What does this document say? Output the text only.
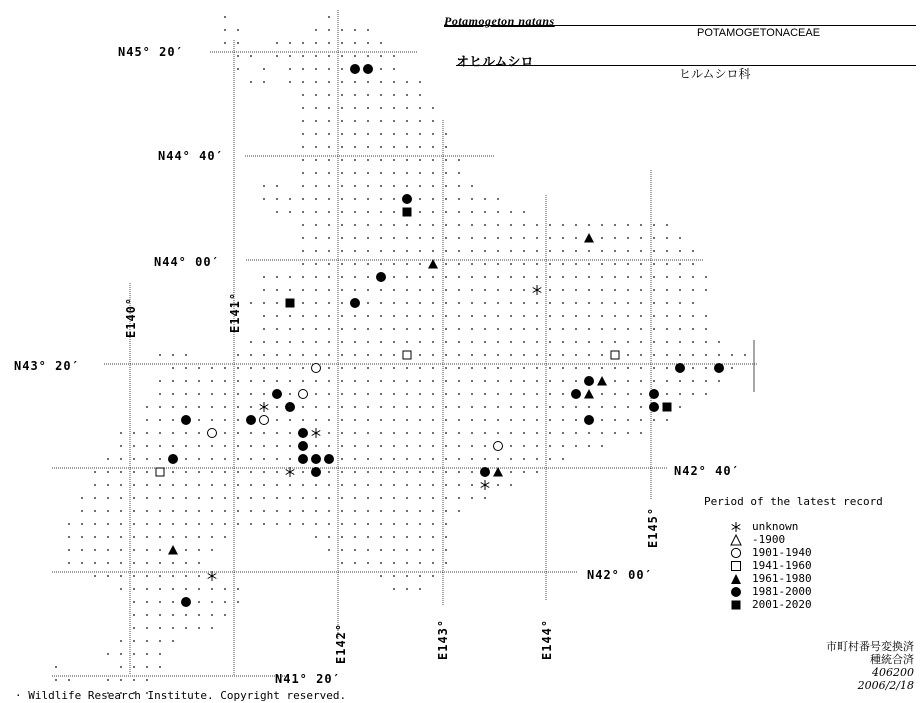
Potamogeton natans
POTAMOGETONACEAE
オヒルムシロ
ヒルムシロ科
N45° 20′
N44° 40′
N44° 00′
N43° 20′
N42° 40′
N42° 00′
N41° 20′
E140°	E141°
E142°	E143°	E144°
E145°
Period of the latest record
unknown
-1900
1901-1940
1941-1960
1961-1980
1981-2000
2001-2020
市町村番号変換済
種統合済
406200
2006/2/18
· Wildlife Research Institute. Copyright reserved.
